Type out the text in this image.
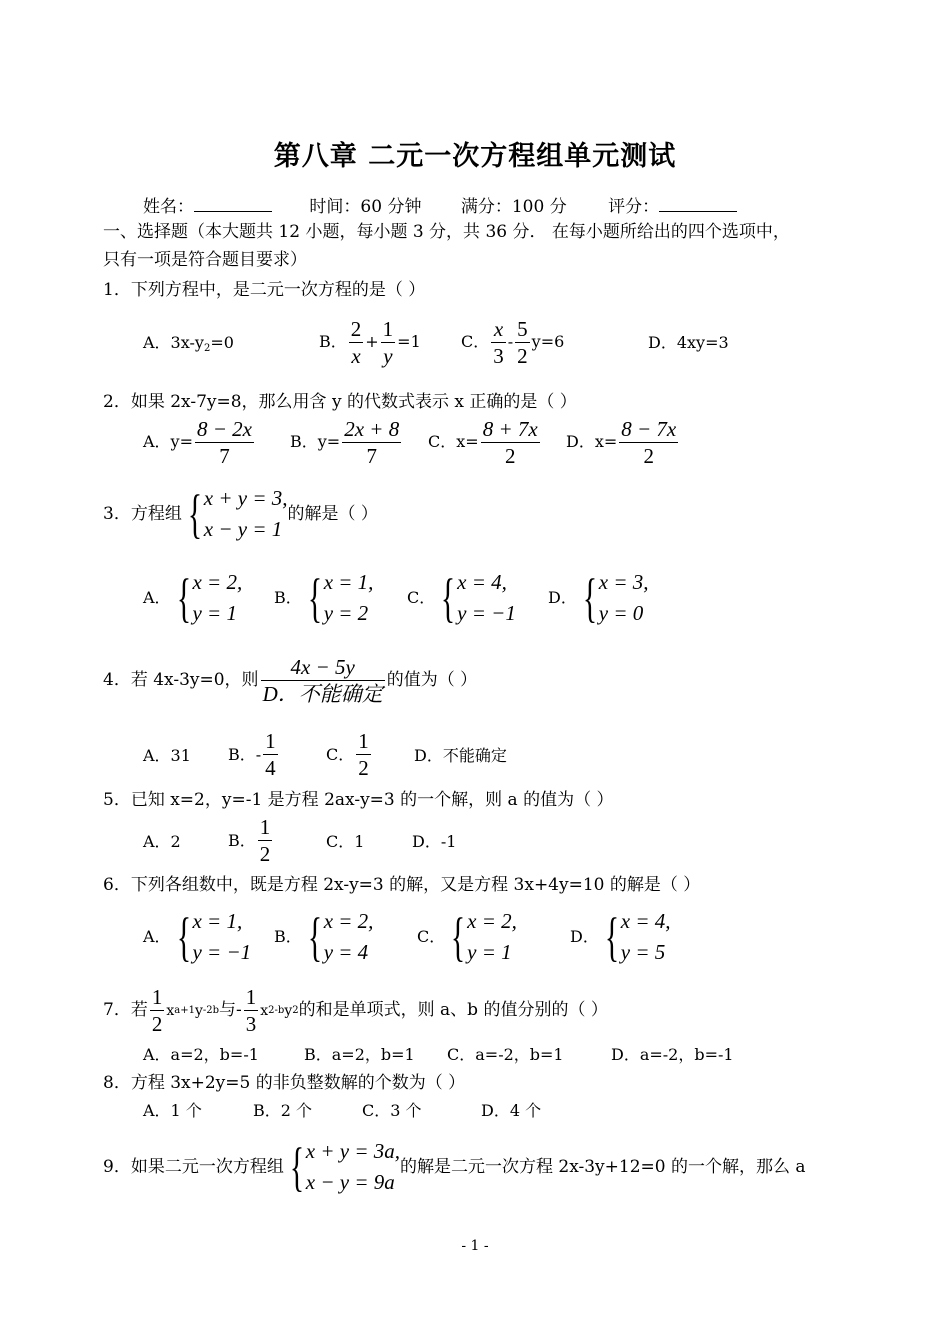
第八章 二元一次方程组单元测试
姓名：	时间：60 分钟 满分：100 分 评分：
一、选择题（本大题共 12 小题，每小题 3 分，共 36 分． 在每小题所给出的四个选项中，
只有一项是符合题目要求）
1．下列方程中，是二元一次方程的是（ ）
A．3x-y2=0	B． $\frac{2}{x} + \frac{1}{y} =1$	C． $\frac{x}{3} - \frac{5}{2} y=6$	D．4xy=3
2．如果 2x-7y=8，那么用含 y 的代数式表示 x 正确的是（ ）
A．$y= \frac{8 - 2x}{7}$ B．$y= \frac{2x + 8}{7}$ C．$x= \frac{8 + 7x}{2}$ D．$x= \frac{8 - 7x}{2}$
3．方程组 { x + y = 3,
x − y = 1
的解是（ ）
A． { x = 2,
y = 1
B． { x = 1,
y = 2
C． { x = 4,
y = −1
D． { x = 3,
y = 0
4．若 4x-3y=0，则 $\frac{4x - 5y}{\text{D．不能确定}}$ 的值为（ ）
A．31 B．- $\frac{1}{4}$	C． $\frac{1}{2}$	D．不能确定
5．已知 x=2，y=-1 是方程 2ax-y=3 的一个解，则 a 的值为（ ）
A．2	B． $\frac{1}{2}$	C．1	D．-1
6．下列各组数中，既是方程 2x-y=3 的解，又是方程 3x+4y=10 的解是（ ）
A． { x = 1,
y = −1
B． { x = 2,
y = 4
C． { x = 2,
y = 1
D． { x = 4,
y = 5
7．若 $\frac{1}{2}$ x a+1 y -2b 与- $\frac{1}{3}$ x 2-b y 2 的和是单项式，则 a、b 的值分别的（ ）
A．a=2，b=-1	B．a=2，b=1 C．a=-2，b=1	D．a=-2，b=-1
8．方程 3x+2y=5 的非负整数解的个数为（ ）
A．1 个	B．2 个	C．3 个	D．4 个
9．如果二元一次方程组 { x + y = 3a,
x − y = 9a
的解是二元一次方程 2x-3y+12=0 的一个解，那么 a
- 1 -
